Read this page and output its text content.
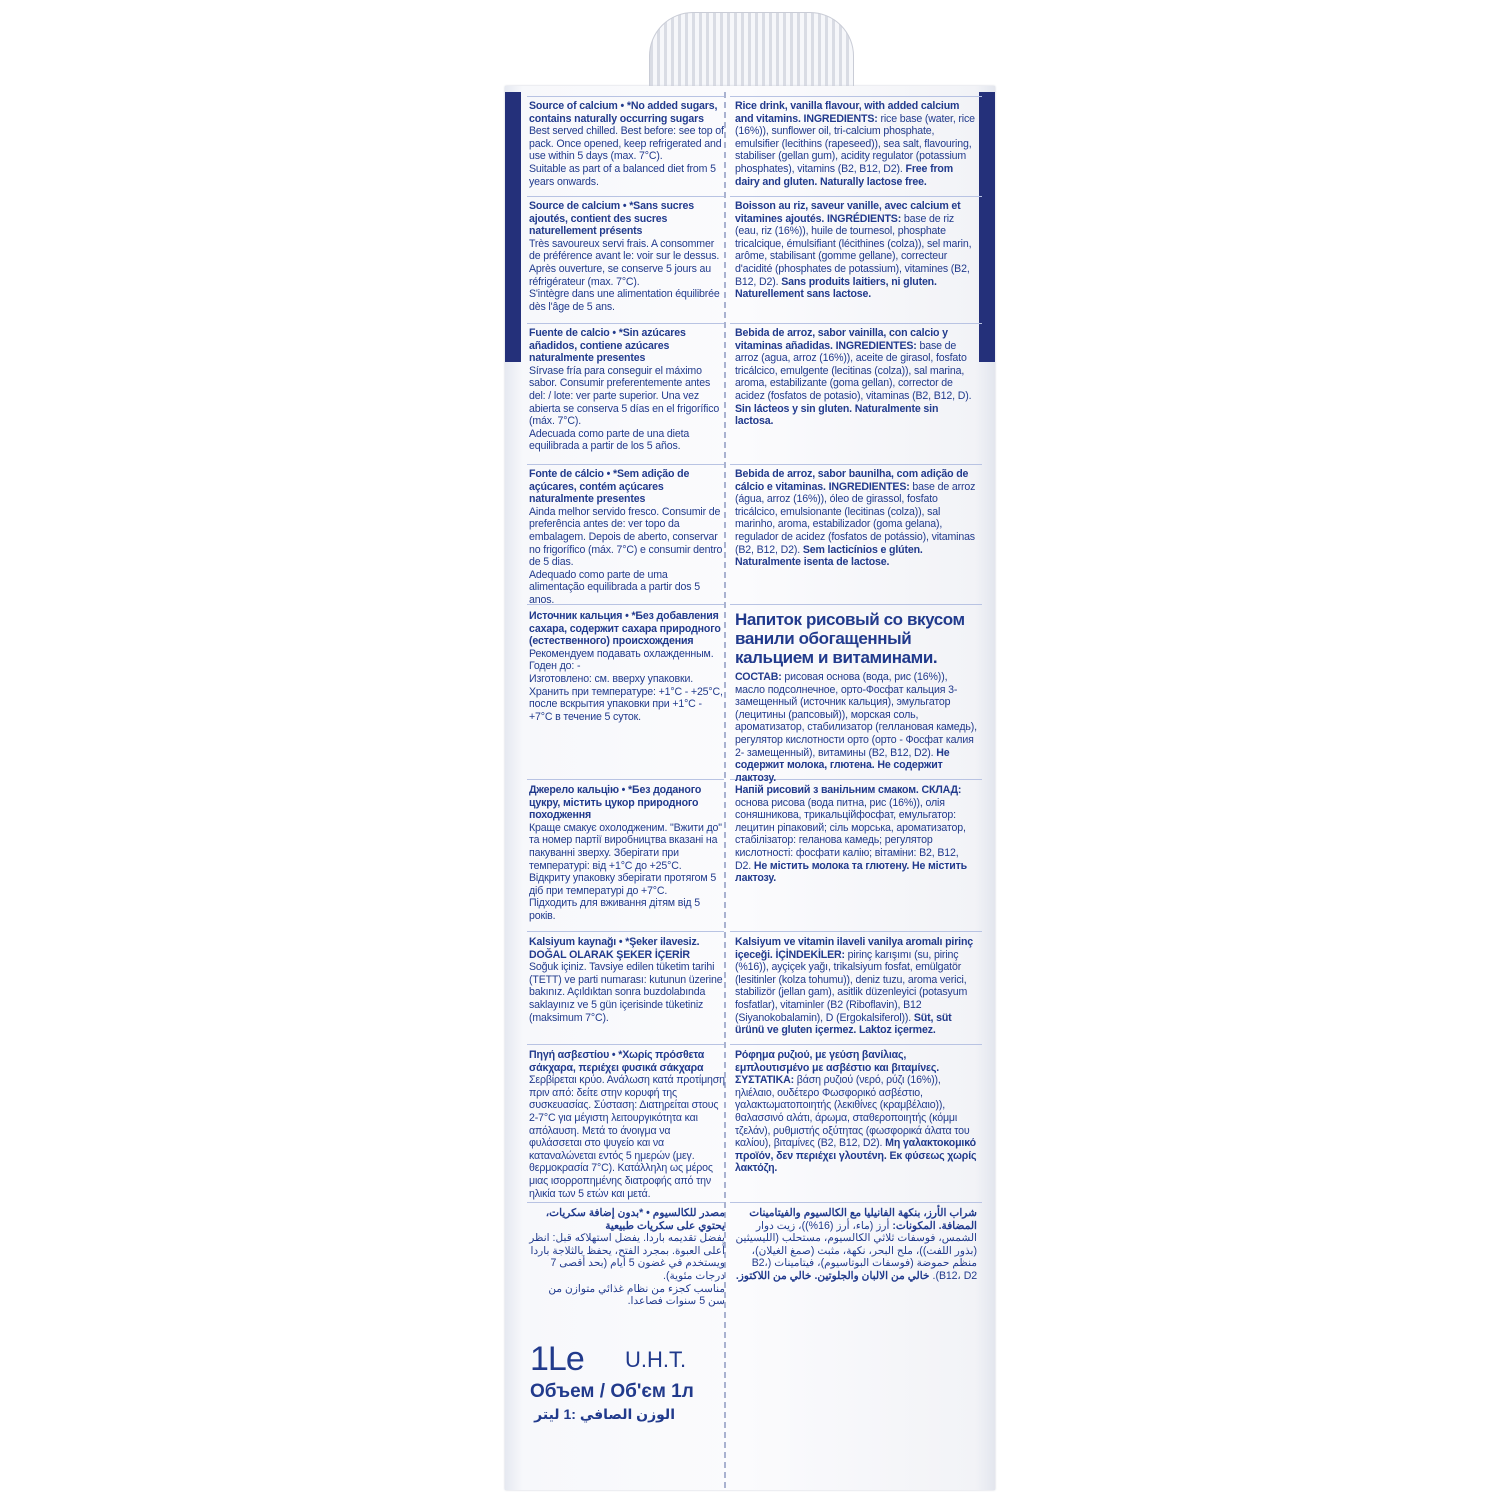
Source of calcium • *No added sugars, contains naturally occurring sugars
Best served chilled. Best before: see top of pack. Once opened, keep refrigerated and use within 5 days (max. 7°C).
Suitable as part of a balanced diet from 5 years onwards.

Source de calcium • *Sans sucres ajoutés, contient des sucres naturellement présents
Très savoureux servi frais. A consommer de préférence avant le: voir sur le dessus. Après ouverture, se conserve 5 jours au réfrigérateur (max. 7°C).
S'intègre dans une alimentation équilibrée dès l'âge de 5 ans.

Fuente de calcio • *Sin azúcares añadidos, contiene azúcares naturalmente presentes
Sírvase fría para conseguir el máximo sabor. Consumir preferentemente antes del: / lote: ver parte superior. Una vez abierta se conserva 5 días en el frigorífico (máx. 7°C).
Adecuada como parte de una dieta equilibrada a partir de los 5 años.

Fonte de cálcio • *Sem adição de açúcares, contém açúcares naturalmente presentes
Ainda melhor servido fresco. Consumir de preferência antes de: ver topo da embalagem. Depois de aberto, conservar no frigorífico (máx. 7°C) e consumir dentro de 5 dias.
Adequado como parte de uma alimentação equilibrada a partir dos 5 anos.

Источник кальция • *Без добавления сахара, содержит сахара природного (естественного) происхождения
Рекомендуем подавать охлажденным. Годен до: -
Изготовлено: см. вверху упаковки. Хранить при температуре: +1°C - +25°C, после вскрытия упаковки при +1°C - +7°C в течение 5 суток.

Джерело кальцію • *Без доданого цукру, містить цукор природного походження
Краще смакує охолодженим. "Вжити до" та номер партії виробництва вказані на пакуванні зверху. Зберігати при температурі: від +1°C до +25°C. Відкриту упаковку зберігати протягом 5 діб при температурі до +7°C.
Підходить для вживання дітям від 5 років.

Kalsiyum kaynağı • *Şeker ilavesiz. DOĞAL OLARAK ŞEKER İÇERİR
Soğuk içiniz. Tavsiye edilen tüketim tarihi (TETT) ve parti numarası: kutunun üzerine bakınız. Açıldıktan sonra buzdolabında saklayınız ve 5 gün içerisinde tüketiniz (maksimum 7°C).

Πηγή ασβεστίου • *Χωρίς πρόσθετα σάκχαρα, περιέχει φυσικά σάκχαρα
Σερβίρεται κρύο. Ανάλωση κατά προτίμηση πριν από: δείτε στην κορυφή της συσκευασίας. Σύσταση: Διατηρείται στους 2-7°C για μέγιστη λειτουργικότητα και απόλαυση. Μετά το άνοιγμα να φυλάσσεται στο ψυγείο και να καταναλώνεται εντός 5 ημερών (μεγ. θερμοκρασία 7°C). Κατάλληλη ως μέρος μιας ισορροπημένης διατροφής από την ηλικία των 5 ετών και μετά.

مصدر للكالسيوم • *بدون إضافة سكريات، يحتوي على سكريات طبيعية
يفضل تقديمه باردا. يفضل استهلاكه قبل: انظر أعلى العبوة. بمجرد الفتح، يحفظ بالثلاجة باردا ويستخدم في غضون 5 أيام (بحد أقصى 7 درجات مئوية).
مناسب كجزء من نظام غذائي متوازن من سن 5 سنوات فصاعدا.

Rice drink, vanilla flavour, with added calcium and vitamins. INGREDIENTS: rice base (water, rice (16%)), sunflower oil, tri-calcium phosphate, emulsifier (lecithins (rapeseed)), sea salt, flavouring, stabiliser (gellan gum), acidity regulator (potassium phosphates), vitamins (B2, B12, D2). Free from dairy and gluten. Naturally lactose free.

Boisson au riz, saveur vanille, avec calcium et vitamines ajoutés. INGRÉDIENTS: base de riz (eau, riz (16%)), huile de tournesol, phosphate tricalcique, émulsifiant (lécithines (colza)), sel marin, arôme, stabilisant (gomme gellane), correcteur d'acidité (phosphates de potassium), vitamines (B2, B12, D2). Sans produits laitiers, ni gluten. Naturellement sans lactose.

Bebida de arroz, sabor vainilla, con calcio y vitaminas añadidas. INGREDIENTES: base de arroz (agua, arroz (16%)), aceite de girasol, fosfato tricálcico, emulgente (lecitinas (colza)), sal marina, aroma, estabilizante (goma gellan), corrector de acidez (fosfatos de potasio), vitaminas (B2, B12, D). Sin lácteos y sin gluten. Naturalmente sin lactosa.

Bebida de arroz, sabor baunilha, com adição de cálcio e vitaminas. INGREDIENTES: base de arroz (água, arroz (16%)), óleo de girassol, fosfato tricálcico, emulsionante (lecitinas (colza)), sal marinho, aroma, estabilizador (goma gelana), regulador de acidez (fosfatos de potássio), vitaminas (B2, B12, D2). Sem lacticínios e glúten. Naturalmente isenta de lactose.

Напиток рисовый со вкусом ванили обогащенный кальцием и витаминами.

СОСТАВ: рисовая основа (вода, рис (16%)), масло подсолнечное, орто-Фосфат кальция 3-замещенный (источник кальция), эмульгатор (лецитины (рапсовый)), морская соль, ароматизатор, стабилизатор (геллановая камедь), регулятор кислотности орто (орто - Фосфат калия 2- замещенный), витамины (B2, B12, D2). Не содержит молока, глютена. Не содержит лактозу.

Напій рисовий з ванільним смаком. СКЛАД: основа рисова (вода питна, рис (16%)), олія соняшникова, трикальційфосфат, емульгатор: лецитин ріпаковий; сіль морська, ароматизатор, стабілізатор: геланова камедь; регулятор кислотності: фосфати калію; вітаміни: B2, B12, D2. Не містить молока та глютену. Не містить лактозу.

Kalsiyum ve vitamin ilaveli vanilya aromalı pirinç içeceği. İÇİNDEKİLER: pirinç karışımı (su, pirinç (%16)), ayçiçek yağı, trikalsiyum fosfat, emülgatör (lesitinler (kolza tohumu)), deniz tuzu, aroma verici, stabilizör (jellan gam), asitlik düzenleyici (potasyum fosfatlar), vitaminler (B2 (Riboflavin), B12 (Siyanokobalamin), D (Ergokalsiferol)). Süt, süt ürünü ve gluten içermez. Laktoz içermez.

Ρόφημα ρυζιού, με γεύση βανίλιας, εμπλουτισμένο με ασβέστιο και βιταμίνες. ΣΥΣΤΑΤΙΚΑ: βάση ρυζιού (νερό, ρύζι (16%)), ηλιέλαιο, ουδέτερο Φωσφορικό ασβέστιο, γαλακτωματοποιητής (λεκιθίνες (κραμβέλαιο)), θαλασσινό αλάτι, άρωμα, σταθεροποιητής (κόμμι τζελάν), ρυθμιστής οξύτητας (φωσφορικά άλατα του καλίου), βιταμίνες (B2, B12, D2). Μη γαλακτοκομικό προϊόν, δεν περιέχει γλουτένη. Εκ φύσεως χωρίς λακτόζη.

شراب الأرز، بنكهة الفانيليا مع الكالسيوم والفيتامينات المضافة. المكونات: أرز (ماء، أرز (16%))، زيت دوار الشمس، فوسفات ثلاثي الكالسيوم، مستحلب (الليسيثين (بذور اللفت))، ملح البحر، نكهة، مثبت (صمغ الغيلان)، منظم حموضة (فوسفات البوتاسيوم)، فيتامينات (B2، B12، D2). خالي من الالبان والجلوتين. خالي من اللاكتوز.

1Le U.H.T.
Объем / Об'єм 1л
الوزن الصافي :1 ليتر
